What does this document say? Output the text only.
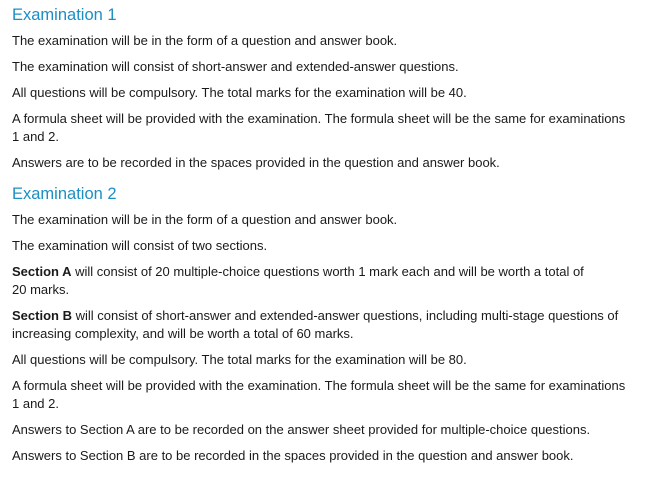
Examination 1

The examination will be in the form of a question and answer book.

The examination will consist of short-answer and extended-answer questions.

All questions will be compulsory. The total marks for the examination will be 40.

A formula sheet will be provided with the examination. The formula sheet will be the same for examinations
1 and 2.

Answers are to be recorded in the spaces provided in the question and answer book.

Examination 2

The examination will be in the form of a question and answer book.

The examination will consist of two sections.

Section A will consist of 20 multiple-choice questions worth 1 mark each and will be worth a total of
20 marks.

Section B will consist of short-answer and extended-answer questions, including multi-stage questions of
increasing complexity, and will be worth a total of 60 marks.

All questions will be compulsory. The total marks for the examination will be 80.

A formula sheet will be provided with the examination. The formula sheet will be the same for examinations
1 and 2.

Answers to Section A are to be recorded on the answer sheet provided for multiple-choice questions.

Answers to Section B are to be recorded in the spaces provided in the question and answer book.
